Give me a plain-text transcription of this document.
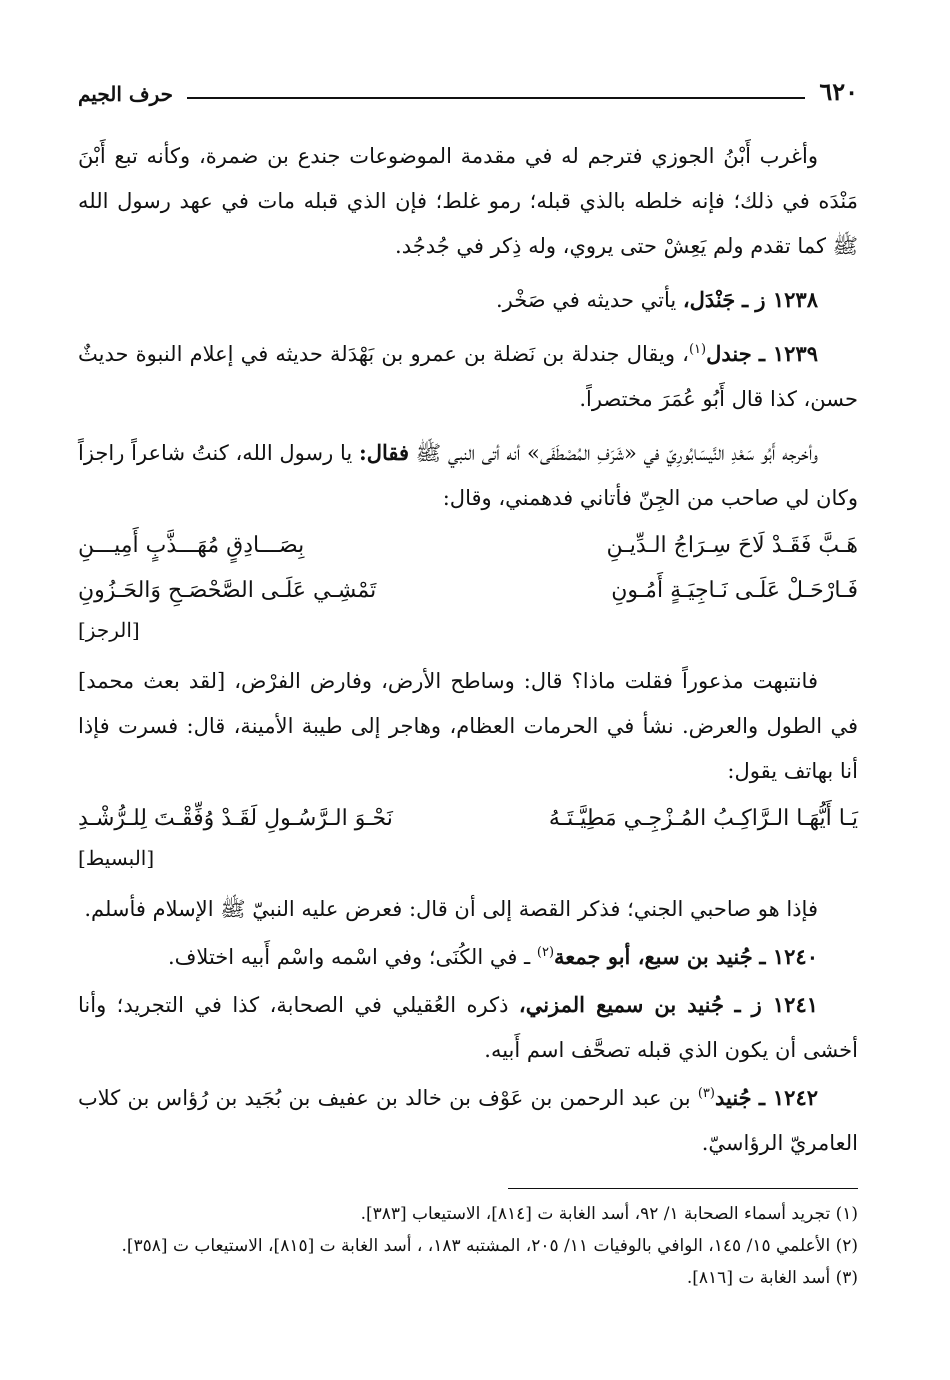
٦٢٠
حرف الجيم

وأغرب أَبْنُ الجوزي فترجم له في مقدمة الموضوعات جندع بن ضمرة، وكأنه تبع أَبْنَ مَنْدَه في ذلك؛ فإنه خلطه بالذي قبله؛ رمو غلط؛ فإن الذي قبله مات في عهد رسول الله ﷺ كما تقدم ولم يَعِشْ حتى يروي، وله ذِكر في جُدجُد.

١٢٣٨ ز ـ جَنْدَل، يأتي حديثه في صَخْر.

١٢٣٩ ـ جندل$^{(١)}$، ويقال جندلة بن نَضلة بن عمرو بن بَهْدَلة حديثه في إعلام النبوة حديثٌ حسن، كذا قال أَبُو عُمَرَ مختصراً.

وأخرجه أَبُو سَعْدِ النَّيسَابُورِيّ في «شَرَفِ المُصْطَفَى» أنه أتى النبي ﷺ فقال: يا رسول الله، كنتُ شاعراً راجزاً وكان لي صاحب من الجِنّ فأتاني فدهمني، وقال:

هَـبَّ فَقَـدْ لَاحَ سِـرَاجُ الـدِّيـنِ
بِصَـــادِقٍ مُهَـــذَّبٍ أَمِيـــنِ
فَـارْحَـلْ عَلَـى نَـاجِيَـةٍ أَمُـونِ
تَمْشِـي عَلَـى الصَّحْصَـحِ وَالحَـزُونِ
[الرجز]

فانتبهت مذعوراً فقلت ماذا؟ قال: وساطح الأرض، وفارض الفرْض، [لقد بعث محمد] في الطول والعرض. نشأ في الحرمات العظام، وهاجر إلى طيبة الأمينة، قال: فسرت فإذا أنا بهاتف يقول:

يَـا أَيُّهَـا الـرَّاكِـبُ المُـزْجِـي مَطِيَّـتَـهُ
نَحْـوَ الـرَّسُـولِ لَقَـدْ وُفِّقْـتَ لِلـرُّشْـدِ
[البسيط]

فإذا هو صاحبي الجني؛ فذكر القصة إلى أن قال: فعرض عليه النبيّ ﷺ الإسلام فأسلم.

١٢٤٠ ـ جُنيد بن سبع، أبو جمعة$^{(٢)}$ ـ في الكُنَى؛ وفي اسْمه واسْم أَبيه اختلاف.

١٢٤١ ز ـ جُنيد بن سميع المزني، ذكره العُقيلي في الصحابة، كذا في التجريد؛ وأنا أخشى أن يكون الذي قبله تصحَّف اسم أَبيه.

١٢٤٢ ـ جُنيد$^{(٣)}$ بن عبد الرحمن بن عَوْف بن خالد بن عفيف بن بُجَيد بن رُؤاس بن كلاب العامريّ الرؤاسيّ.

(١) تجريد أسماء الصحابة ١/ ٩٢، أسد الغابة ت [٨١٤]، الاستيعاب [٣٨٣].
(٢) الأعلمي ١٥/ ١٤٥، الوافي بالوفيات ١١/ ٢٠٥، المشتبه ١٨٣، ، أسد الغابة ت [٨١٥]، الاستيعاب ت [٣٥٨].
(٣) أسد الغابة ت [٨١٦].
